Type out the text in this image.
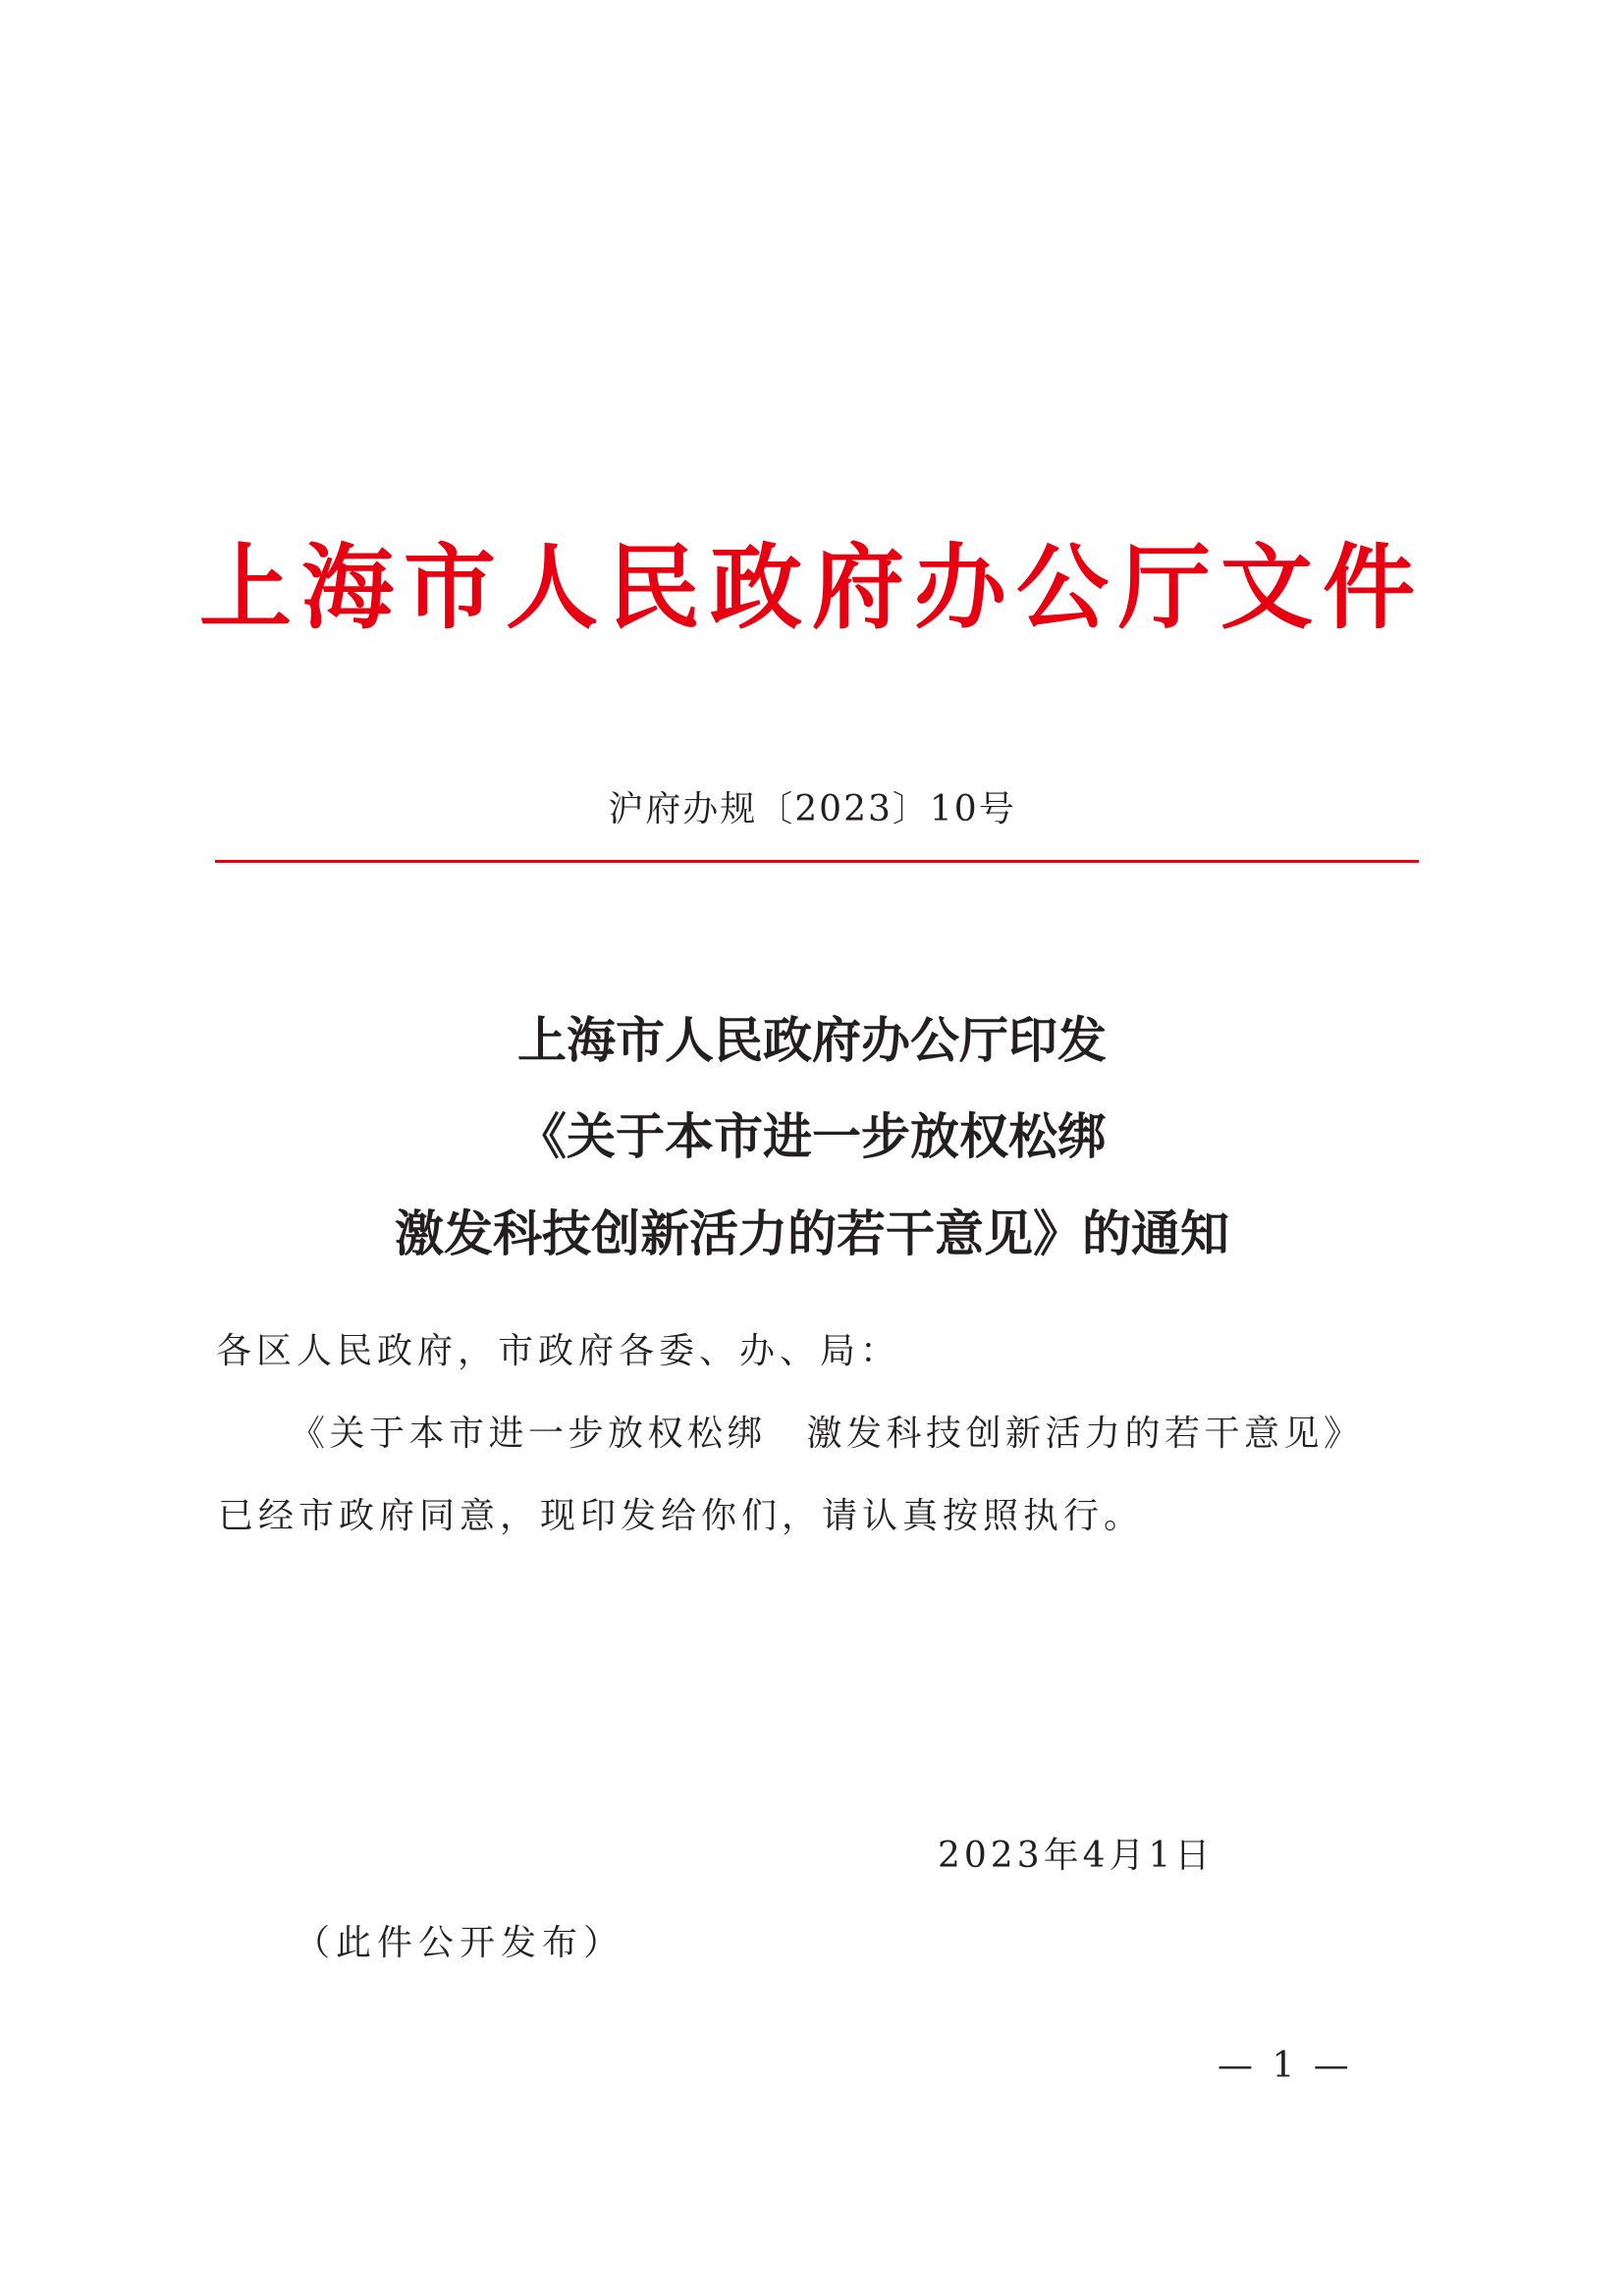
上海市人民政府办公厅文件
沪府办规〔2023〕10号
上海市人民政府办公厅印发
《关于本市进一步放权松绑
激发科技创新活力的若干意见》的通知
各区人民政府，市政府各委、办、局：
《关于本市进一步放权松绑　激发科技创新活力的若干意见》
已经市政府同意，现印发给你们，请认真按照执行。
2023年4月1日
（此件公开发布）
— 1 —
